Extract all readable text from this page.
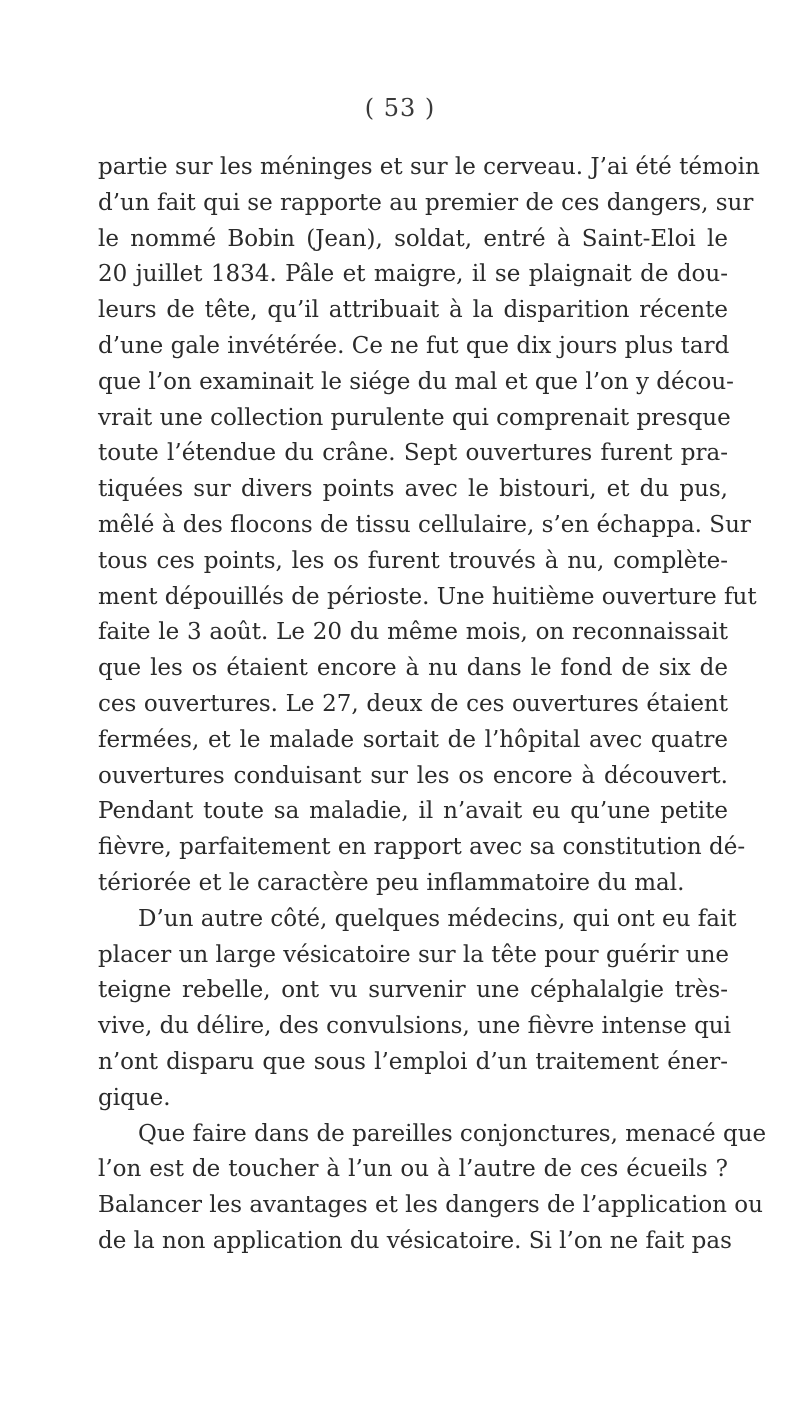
( 53 )
partie sur les méninges et sur le cerveau. J’ai été témoin
d’un fait qui se rapporte au premier de ces dangers, sur
le nommé Bobin (Jean), soldat, entré à Saint-Eloi le
20 juillet 1834. Pâle et maigre, il se plaignait de dou-
leurs de tête, qu’il attribuait à la disparition récente
d’une gale invétérée. Ce ne fut que dix jours plus tard
que l’on examinait le siége du mal et que l’on y décou-
vrait une collection purulente qui comprenait presque
toute l’étendue du crâne. Sept ouvertures furent pra-
tiquées sur divers points avec le bistouri, et du pus,
mêlé à des flocons de tissu cellulaire, s’en échappa. Sur
tous ces points, les os furent trouvés à nu, complète-
ment dépouillés de périoste. Une huitième ouverture fut
faite le 3 août. Le 20 du même mois, on reconnaissait
que les os étaient encore à nu dans le fond de six de
ces ouvertures. Le 27, deux de ces ouvertures étaient
fermées, et le malade sortait de l’hôpital avec quatre
ouvertures conduisant sur les os encore à découvert.
Pendant toute sa maladie, il n’avait eu qu’une petite
fièvre, parfaitement en rapport avec sa constitution dé-
tériorée et le caractère peu inflammatoire du mal.
D’un autre côté, quelques médecins, qui ont eu fait
placer un large vésicatoire sur la tête pour guérir une
teigne rebelle, ont vu survenir une céphalalgie très-
vive, du délire, des convulsions, une fièvre intense qui
n’ont disparu que sous l’emploi d’un traitement éner-
gique.
Que faire dans de pareilles conjonctures, menacé que
l’on est de toucher à l’un ou à l’autre de ces écueils ?
Balancer les avantages et les dangers de l’application ou
de la non application du vésicatoire. Si l’on ne fait pas
